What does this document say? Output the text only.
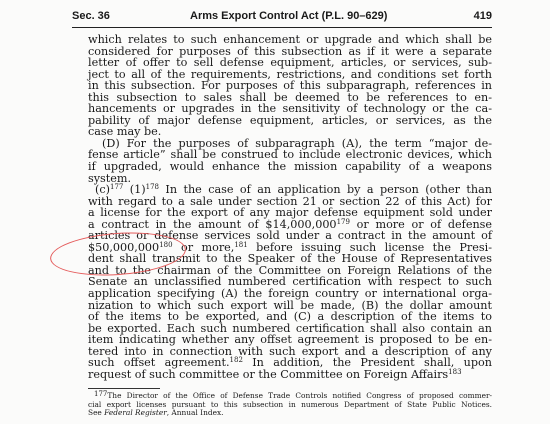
Sec. 36	Arms Export Control Act (P.L. 90–629)	419
which relates to such enhancement or upgrade and which shall be
considered for purposes of this subsection as if it were a separate
letter of offer to sell defense equipment, articles, or services, sub-
ject to all of the requirements, restrictions, and conditions set forth
in this subsection. For purposes of this subparagraph, references in
this subsection to sales shall be deemed to be references to en-
hancements or upgrades in the sensitivity of technology or the ca-
pability of major defense equipment, articles, or services, as the
case may be.
(D) For the purposes of subparagraph (A), the term “major de-
fense article” shall be construed to include electronic devices, which
if upgraded, would enhance the mission capability of a weapons
system.
$(c)^{177}$ $(1)^{178}$ In the case of an application by a person (other than
with regard to a sale under section 21 or section 22 of this Act) for
a license for the export of any major defense equipment sold under
a contract in the amount of $14,000,000$^{179}$ or more or of defense
articles or defense services sold under a contract in the amount of
$50,000,000$^{180}$ or more,$^{181}$ before issuing such license the Presi-
dent shall transmit to the Speaker of the House of Representatives
and to the chairman of the Committee on Foreign Relations of the
Senate an unclassified numbered certification with respect to such
application specifying (A) the foreign country or international orga-
nization to which such export will be made, (B) the dollar amount
of the items to be exported, and (C) a description of the items to
be exported. Each such numbered certification shall also contain an
item indicating whether any offset agreement is proposed to be en-
tered into in connection with such export and a description of any
such offset agreement.$^{182}$ In addition, the President shall, upon
request of such committee or the Committee on Foreign Affairs$^{183}$
$^{177}$The Director of the Office of Defense Trade Controls notified Congress of proposed commer-
cial export licenses pursuant to this subsection in numerous Department of State Public Notices.
See Federal Register, Annual Index.
